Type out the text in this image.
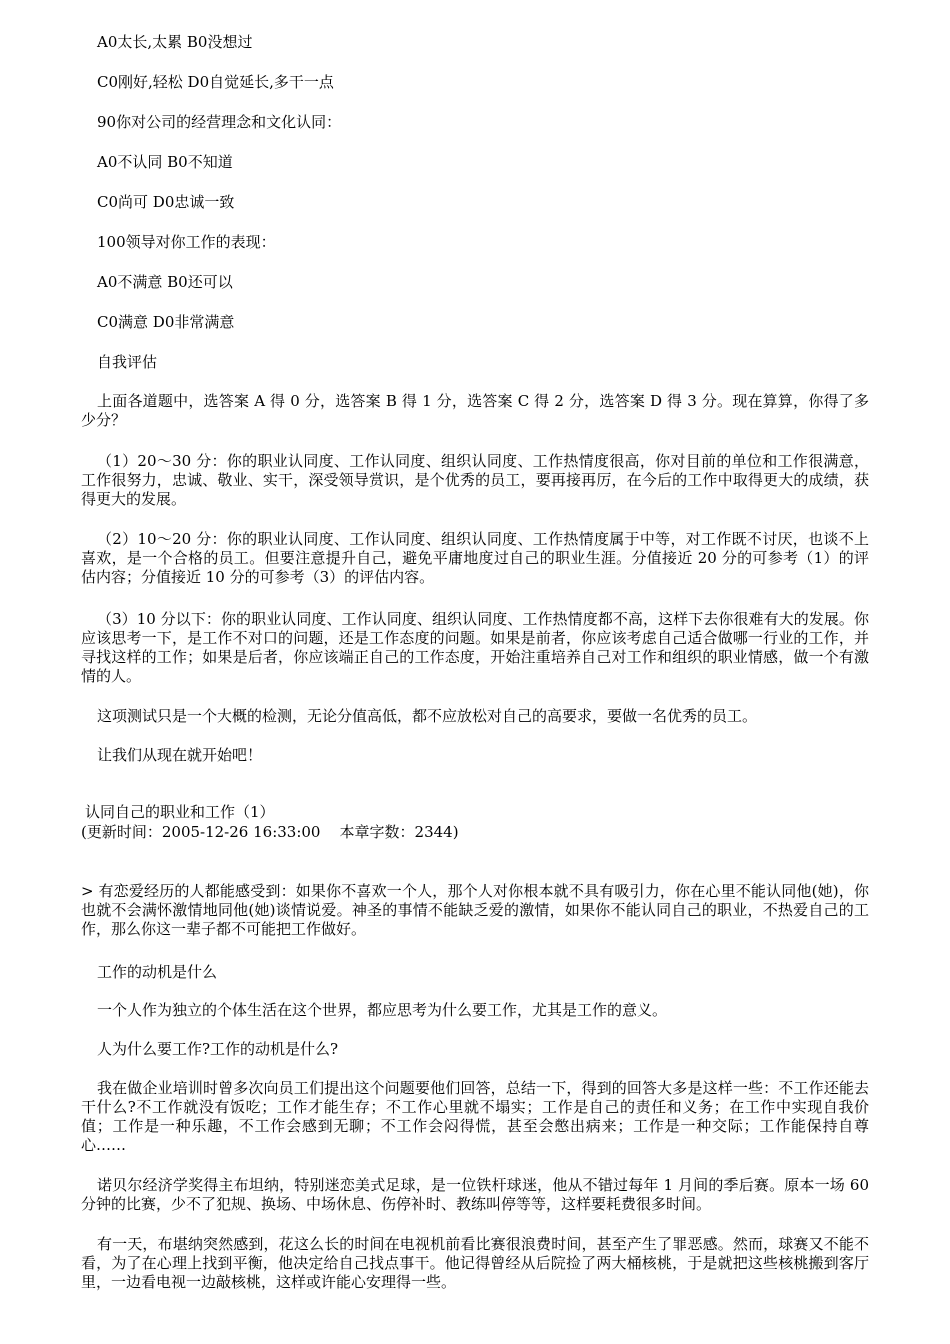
A0太长,太累 B0没想过

C0刚好,轻松 D0自觉延长,多干一点

90你对公司的经营理念和文化认同：

A0不认同 B0不知道

C0尚可 D0忠诚一致

100领导对你工作的表现：

A0不满意 B0还可以

C0满意 D0非常满意

自我评估

上面各道题中，选答案 A 得 0 分，选答案 B 得 1 分，选答案 C 得 2 分，选答案 D 得 3 分。现在算算，你得了多少分？

（1）20～30 分：你的职业认同度、工作认同度、组织认同度、工作热情度很高，你对目前的单位和工作很满意，工作很努力，忠诚、敬业、实干，深受领导赏识，是个优秀的员工，要再接再厉，在今后的工作中取得更大的成绩，获得更大的发展。

（2）10～20 分：你的职业认同度、工作认同度、组织认同度、工作热情度属于中等，对工作既不讨厌，也谈不上喜欢，是一个合格的员工。但要注意提升自己，避免平庸地度过自己的职业生涯。分值接近 20 分的可参考（1）的评估内容；分值接近 10 分的可参考（3）的评估内容。

（3）10 分以下：你的职业认同度、工作认同度、组织认同度、工作热情度都不高，这样下去你很难有大的发展。你应该思考一下，是工作不对口的问题，还是工作态度的问题。如果是前者，你应该考虑自己适合做哪一行业的工作，并寻找这样的工作；如果是后者，你应该端正自己的工作态度，开始注重培养自己对工作和组织的职业情感，做一个有激情的人。

这项测试只是一个大概的检测，无论分值高低，都不应放松对自己的高要求，要做一名优秀的员工。

让我们从现在就开始吧！

认同自己的职业和工作（1）

(更新时间：2005-12-26 16:33:00    本章字数：2344)

> 有恋爱经历的人都能感受到：如果你不喜欢一个人，那个人对你根本就不具有吸引力，你在心里不能认同他(她)，你也就不会满怀激情地同他(她)谈情说爱。神圣的事情不能缺乏爱的激情，如果你不能认同自己的职业，不热爱自己的工作，那么你这一辈子都不可能把工作做好。

工作的动机是什么

一个人作为独立的个体生活在这个世界，都应思考为什么要工作，尤其是工作的意义。

人为什么要工作?工作的动机是什么?

我在做企业培训时曾多次向员工们提出这个问题要他们回答，总结一下，得到的回答大多是这样一些：不工作还能去干什么?不工作就没有饭吃；工作才能生存；不工作心里就不塌实；工作是自己的责任和义务；在工作中实现自我价值；工作是一种乐趣，不工作会感到无聊；不工作会闷得慌，甚至会憋出病来；工作是一种交际；工作能保持自尊心……

诺贝尔经济学奖得主布坦纳，特别迷恋美式足球，是一位铁杆球迷，他从不错过每年 1 月间的季后赛。原本一场 60 分钟的比赛，少不了犯规、换场、中场休息、伤停补时、教练叫停等等，这样要耗费很多时间。

有一天，布堪纳突然感到，花这么长的时间在电视机前看比赛很浪费时间，甚至产生了罪恶感。然而，球赛又不能不看，为了在心理上找到平衡，他决定给自己找点事干。他记得曾经从后院捡了两大桶核桃，于是就把这些核桃搬到客厅里，一边看电视一边敲核桃，这样或许能心安理得一些。
